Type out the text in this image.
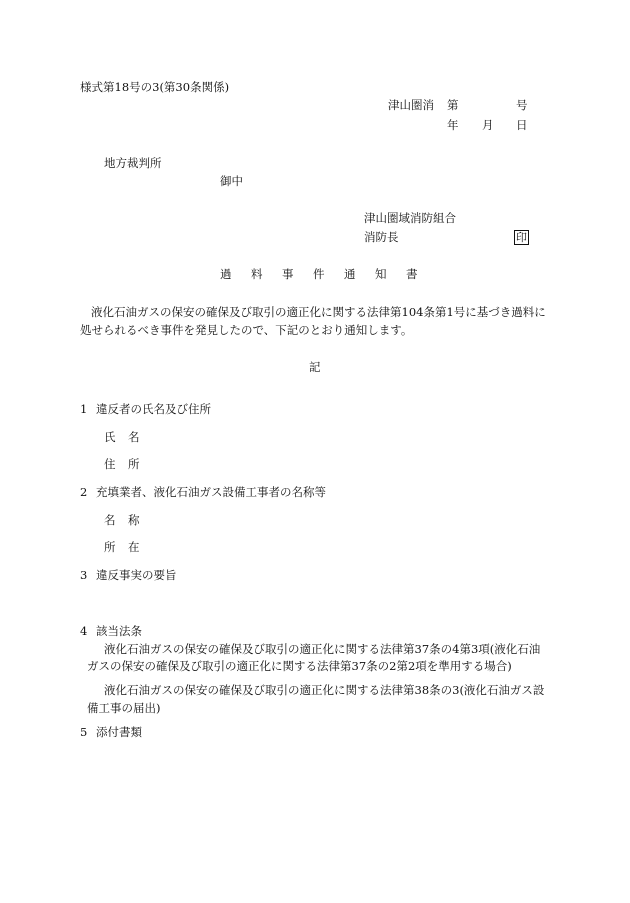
様式第18号の3(第30条関係)
津山圏消 第	号
年 月 日
地方裁判所
御中
津山圏域消防組合
消防長	印
過 料 事 件 通 知 書
液化石油ガスの保安の確保及び取引の適正化に関する法律第104条第1号に基づき過料に
処せられるべき事件を発見したので、下記のとおり通知します。
記
1 違反者の氏名及び住所
氏 名
住 所
2 充填業者、液化石油ガス設備工事者の名称等
名 称
所 在
3 違反事実の要旨
4 該当法条
液化石油ガスの保安の確保及び取引の適正化に関する法律第37条の4第3項(液化石油
ガスの保安の確保及び取引の適正化に関する法律第37条の2第2項を準用する場合)
液化石油ガスの保安の確保及び取引の適正化に関する法律第38条の3(液化石油ガス設
備工事の届出)
5 添付書類
